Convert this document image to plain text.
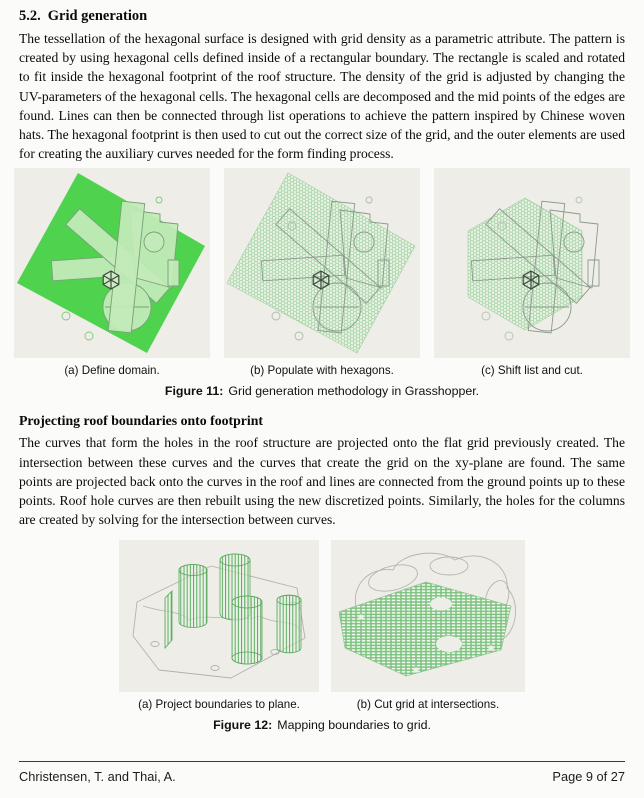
5.2. Grid generation

The tessellation of the hexagonal surface is designed with grid density as a parametric attribute. The pattern is created by using hexagonal cells defined inside of a rectangular boundary. The rectangle is scaled and rotated to fit inside the hexagonal footprint of the roof structure. The density of the grid is adjusted by changing the UV-parameters of the hexagonal cells. The hexagonal cells are decomposed and the mid points of the edges are found. Lines can then be connected through list operations to achieve the pattern inspired by Chinese woven hats. The hexagonal footprint is then used to cut out the correct size of the grid, and the outer elements are used for creating the auxiliary curves needed for the form finding process.

(a) Define domain.	(b) Populate with hexagons.	(c) Shift list and cut.
Figure 11: Grid generation methodology in Grasshopper.
Projecting roof boundaries onto footprint

The curves that form the holes in the roof structure are projected onto the flat grid previously created. The intersection between these curves and the curves that create the grid on the xy-plane are found. The same points are projected back onto the curves in the roof and lines are connected from the ground points up to these points. Roof hole curves are then rebuilt using the new discretized points. Similarly, the holes for the columns are created by solving for the intersection between curves.

(a) Project boundaries to plane.	(b) Cut grid at intersections.
Figure 12: Mapping boundaries to grid.
Christensen, T. and Thai, A.	Page 9 of 27
